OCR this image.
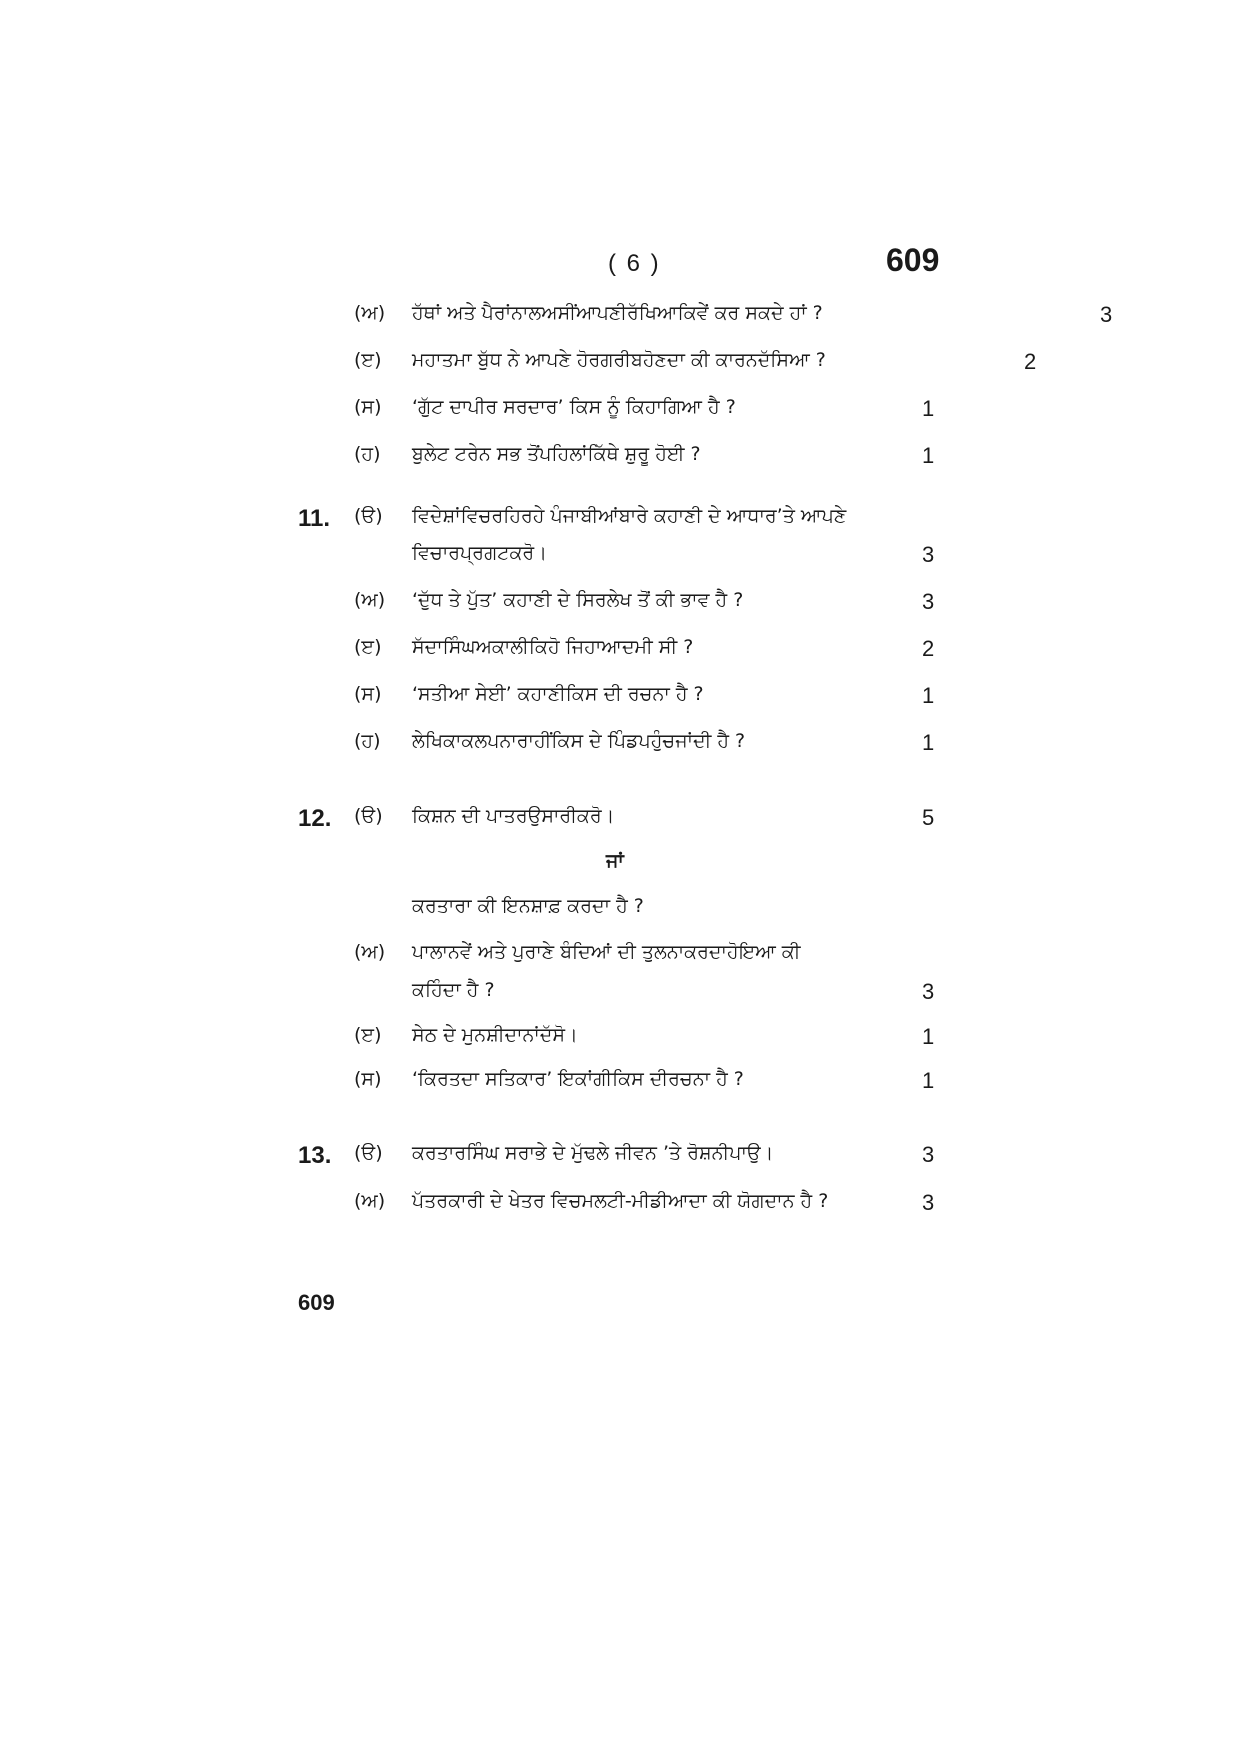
( 6 )	609
(ਅ) ਹੱਥਾਂ ਅਤੇ ਪੈਰਾਂਨਾਲਅਸੀਂਆਪਣੀਰੱਖਿਆਕਿਵੇਂ ਕਰ ਸਕਦੇ ਹਾਂ ?	3
(ੲ) ਮਹਾਤਮਾ ਬੁੱਧ ਨੇ ਆਪਣੇ ਹੋਰਗਰੀਬਹੋਣਦਾ ਕੀ ਕਾਰਨਦੱਸਿਆ ?	2
(ਸ) ‘ਗੁੱਟ ਦਾਪੀਰ ਸਰਦਾਰ’ ਕਿਸ ਨੂੰ ਕਿਹਾਗਿਆ ਹੈ ?	1
(ਹ) ਬੁਲੇਟ ਟਰੇਨ ਸਭ ਤੋਂਪਹਿਲਾਂਕਿੱਥੇ ਸ਼ੁਰੂ ਹੋਈ ?	1
11. (ੳ) ਵਿਦੇਸ਼ਾਂਵਿਚਰਹਿਰਹੇ ਪੰਜਾਬੀਆਂਬਾਰੇ ਕਹਾਣੀ ਦੇ ਆਧਾਰ’ਤੇ ਆਪਣੇ
ਵਿਚਾਰਪ੍ਰਗਟਕਰੋ।	3
(ਅ) ‘ਦੁੱਧ ਤੇ ਪੁੱਤ’ ਕਹਾਣੀ ਦੇ ਸਿਰਲੇਖ ਤੋਂ ਕੀ ਭਾਵ ਹੈ ?	3
(ੲ) ਸੱਦਾਸਿੰਘਅਕਾਲੀਕਿਹੋ ਜਿਹਾਆਦਮੀ ਸੀ ?	2
(ਸ) ‘ਸਤੀਆ ਸੇਈ’ ਕਹਾਣੀਕਿਸ ਦੀ ਰਚਨਾ ਹੈ ?	1
(ਹ) ਲੇਖਿਕਾਕਲਪਨਾਰਾਹੀਂਕਿਸ ਦੇ ਪਿੰਡਪਹੁੰਚਜਾਂਦੀ ਹੈ ?	1
12. (ੳ) ਕਿਸ਼ਨ ਦੀ ਪਾਤਰਉਸਾਰੀਕਰੋ।	5
ਜਾਂ
ਕਰਤਾਰਾ ਕੀ ਇਨਸ਼ਾਫ਼ ਕਰਦਾ ਹੈ ?
(ਅ) ਪਾਲਾਨਵੇਂ ਅਤੇ ਪੁਰਾਣੇ ਬੰਦਿਆਂ ਦੀ ਤੁਲਨਾਕਰਦਾਹੋਇਆ ਕੀ
ਕਹਿੰਦਾ ਹੈ ?	3
(ੲ) ਸੇਠ ਦੇ ਮੁਨਸ਼ੀਦਾਨਾਂਦੱਸੋ।	1
(ਸ) ‘ਕਿਰਤਦਾ ਸਤਿਕਾਰ’ ਇਕਾਂਗੀਕਿਸ ਦੀਰਚਨਾ ਹੈ ?	1
13. (ੳ) ਕਰਤਾਰਸਿੰਘ ਸਰਾਭੇ ਦੇ ਮੁੱਢਲੇ ਜੀਵਨ ’ਤੇ ਰੋਸ਼ਨੀਪਾਉ।	3
(ਅ) ਪੱਤਰਕਾਰੀ ਦੇ ਖੇਤਰ ਵਿਚਮਲਟੀ-ਮੀਡੀਆਦਾ ਕੀ ਯੋਗਦਾਨ ਹੈ ?	3
609
